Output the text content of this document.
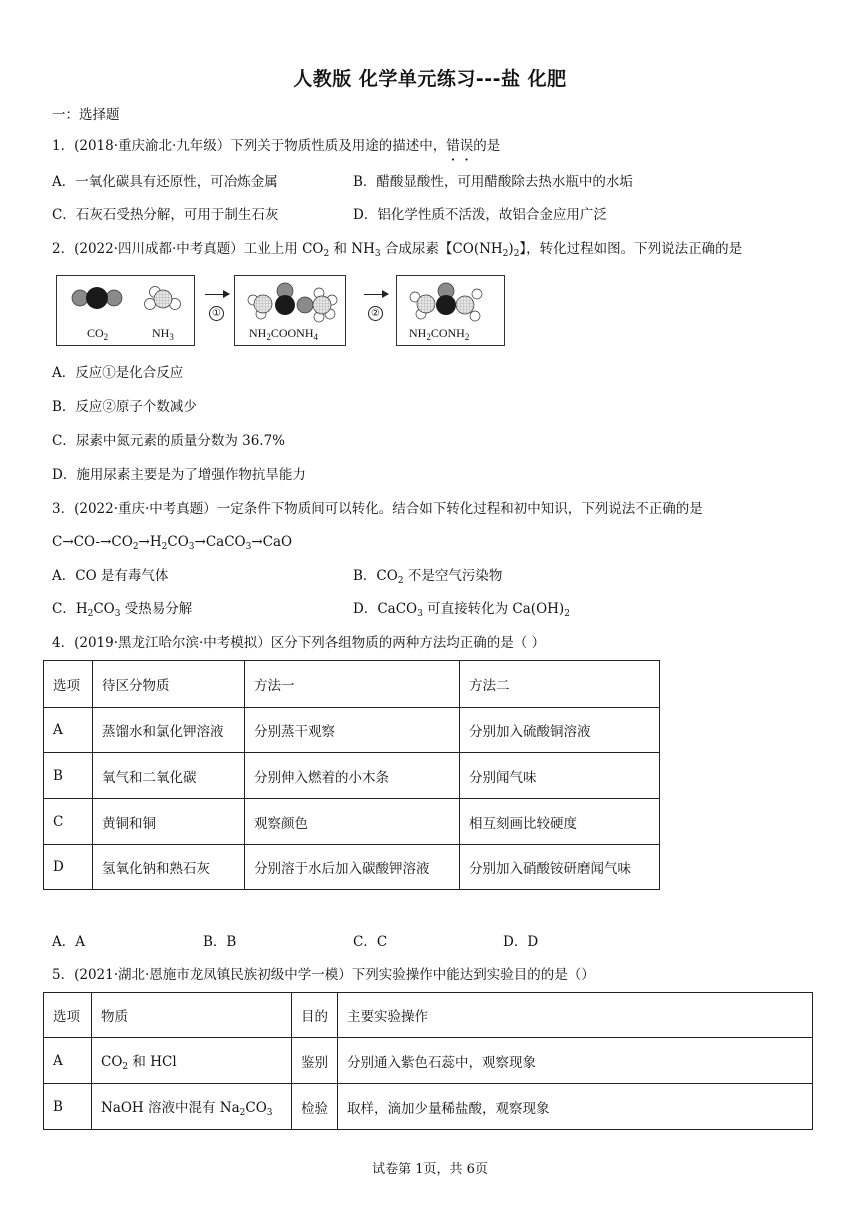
人教版 化学单元练习---盐 化肥
一：选择题
1．(2018·重庆渝北·九年级）下列关于物质性质及用途的描述中，错误的是
A．一氧化碳具有还原性，可冶炼金属	B．醋酸显酸性，可用醋酸除去热水瓶中的水垢
C．石灰石受热分解，可用于制生石灰	D．铝化学性质不活泼，故铝合金应用广泛
2．(2022·四川成都·中考真题）工业上用 $CO_2$ 和 $NH_3$ 合成尿素【$CO(NH_2)_2$】，转化过程如图。下列说法正确的是
$CO_2$	$NH_3$
①
$NH_2COONH_4$
②
$NH_2CONH_2$
A．反应①是化合反应
B．反应②原子个数减少
C．尿素中氮元素的质量分数为 36.7%
D．施用尿素主要是为了增强作物抗旱能力
3．(2022·重庆·中考真题）一定条件下物质间可以转化。结合如下转化过程和初中知识，下列说法不正确的是
$C\to CO-\to CO_2\to H_2CO_3\to CaCO_3\to CaO$
A．CO 是有毒气体	B．$CO_2$ 不是空气污染物
C．$H_2CO_3$ 受热易分解	D．CaCO$_3$ 可直接转化为 $Ca(OH)_2$
4．(2019·黑龙江哈尔滨·中考模拟）区分下列各组物质的两种方法均正确的是（ ）
选项	待区分物质	方法一	方法二
A	蒸馏水和氯化钾溶液	分别蒸干观察	分别加入硫酸铜溶液
B	氧气和二氧化碳	分别伸入燃着的小木条	分别闻气味
C	黄铜和铜	观察颜色	相互刻画比较硬度
D	氢氧化钠和熟石灰	分别溶于水后加入碳酸钾溶液	分别加入硝酸铵研磨闻气味
A．A	B．B	C．C	D．D
5．(2021·湖北·恩施市龙凤镇民族初级中学一模）下列实验操作中能达到实验目的的是（）
选项	物质	目的	主要实验操作
A	$CO_2$ 和 HCl	鉴别	分别通入紫色石蕊中，观察现象
B	NaOH 溶液中混有 $Na_2CO_3$	检验	取样，滴加少量稀盐酸，观察现象
试卷第 1页，共 6页
